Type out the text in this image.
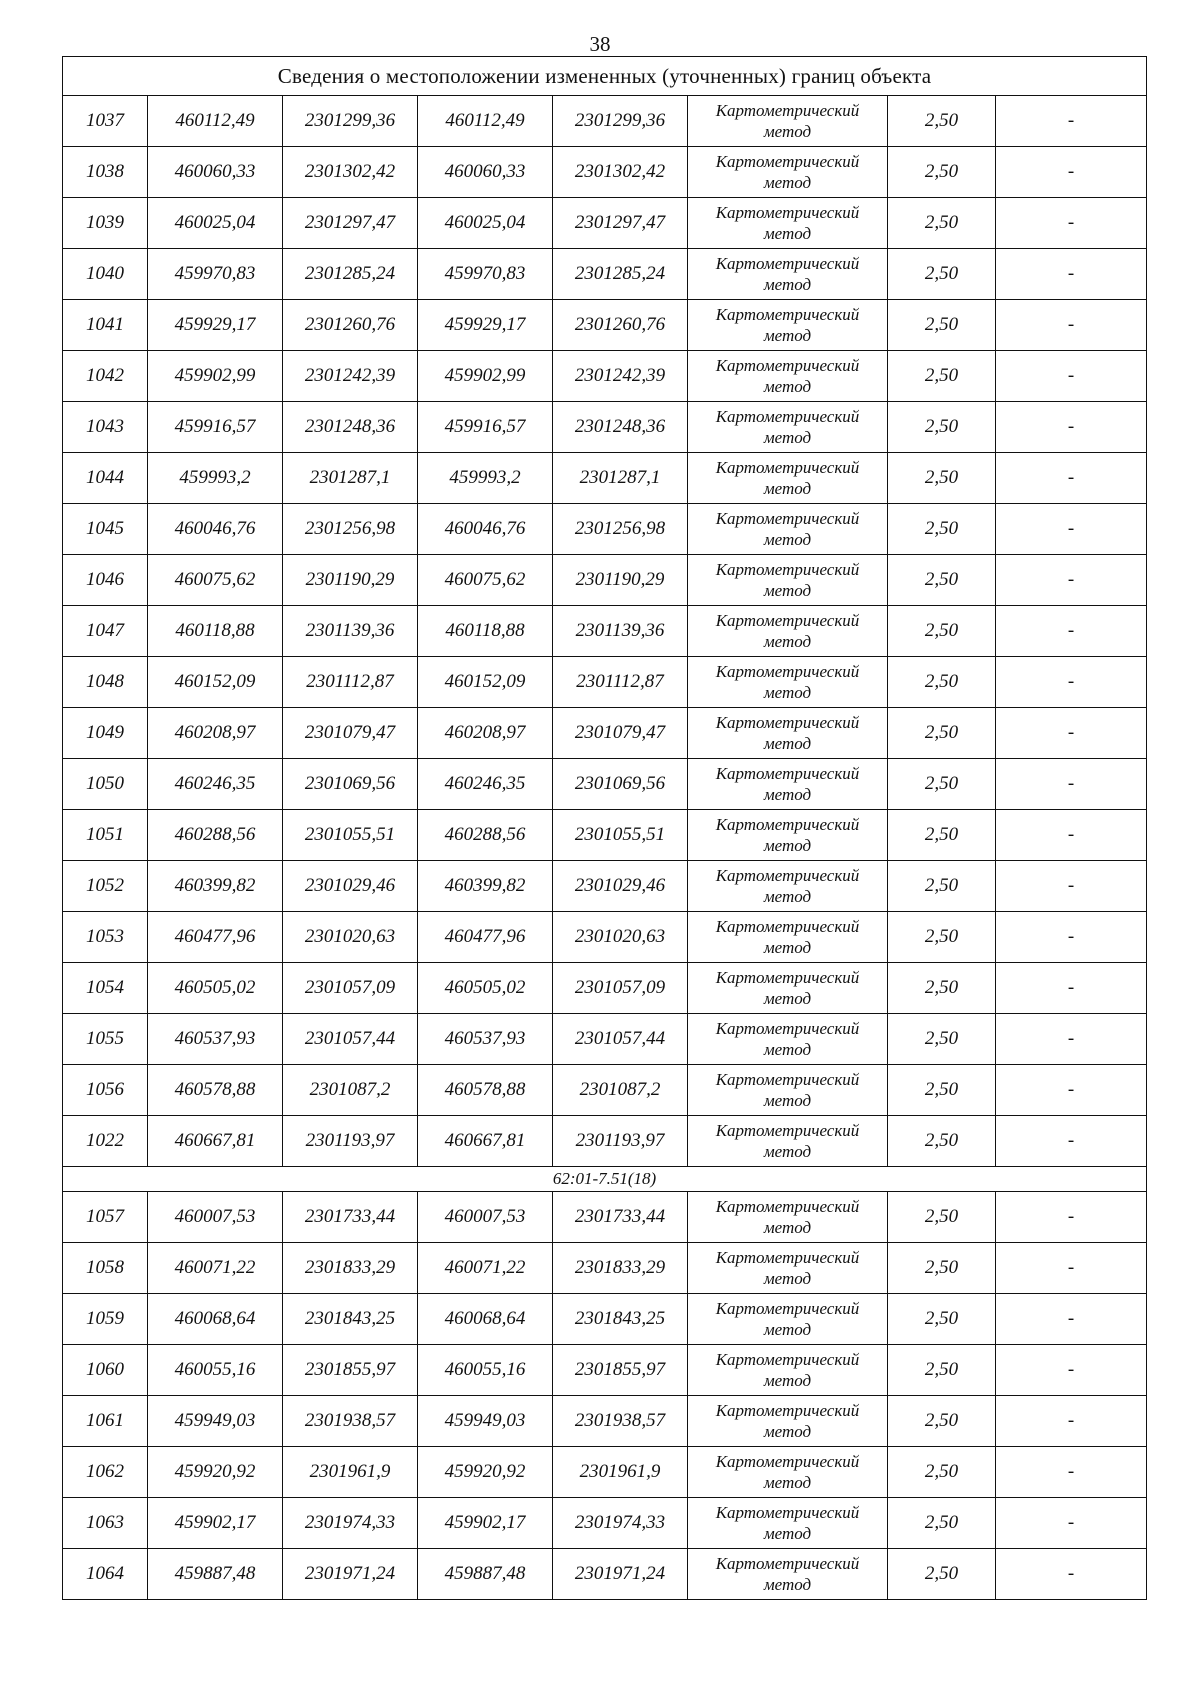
38
Сведения о местоположении измененных (уточненных) границ объекта							
1037	460112,49	2301299,36	460112,49	2301299,36	Картометрический
метод	2,50	-
1038	460060,33	2301302,42	460060,33	2301302,42	Картометрический
метод	2,50	-
1039	460025,04	2301297,47	460025,04	2301297,47	Картометрический
метод	2,50	-
1040	459970,83	2301285,24	459970,83	2301285,24	Картометрический
метод	2,50	-
1041	459929,17	2301260,76	459929,17	2301260,76	Картометрический
метод	2,50	-
1042	459902,99	2301242,39	459902,99	2301242,39	Картометрический
метод	2,50	-
1043	459916,57	2301248,36	459916,57	2301248,36	Картометрический
метод	2,50	-
1044	459993,2	2301287,1	459993,2	2301287,1	Картометрический
метод	2,50	-
1045	460046,76	2301256,98	460046,76	2301256,98	Картометрический
метод	2,50	-
1046	460075,62	2301190,29	460075,62	2301190,29	Картометрический
метод	2,50	-
1047	460118,88	2301139,36	460118,88	2301139,36	Картометрический
метод	2,50	-
1048	460152,09	2301112,87	460152,09	2301112,87	Картометрический
метод	2,50	-
1049	460208,97	2301079,47	460208,97	2301079,47	Картометрический
метод	2,50	-
1050	460246,35	2301069,56	460246,35	2301069,56	Картометрический
метод	2,50	-
1051	460288,56	2301055,51	460288,56	2301055,51	Картометрический
метод	2,50	-
1052	460399,82	2301029,46	460399,82	2301029,46	Картометрический
метод	2,50	-
1053	460477,96	2301020,63	460477,96	2301020,63	Картометрический
метод	2,50	-
1054	460505,02	2301057,09	460505,02	2301057,09	Картометрический
метод	2,50	-
1055	460537,93	2301057,44	460537,93	2301057,44	Картометрический
метод	2,50	-
1056	460578,88	2301087,2	460578,88	2301087,2	Картометрический
метод	2,50	-
1022	460667,81	2301193,97	460667,81	2301193,97	Картометрический
метод	2,50	-
62:01-7.51(18)							
1057	460007,53	2301733,44	460007,53	2301733,44	Картометрический
метод	2,50	-
1058	460071,22	2301833,29	460071,22	2301833,29	Картометрический
метод	2,50	-
1059	460068,64	2301843,25	460068,64	2301843,25	Картометрический
метод	2,50	-
1060	460055,16	2301855,97	460055,16	2301855,97	Картометрический
метод	2,50	-
1061	459949,03	2301938,57	459949,03	2301938,57	Картометрический
метод	2,50	-
1062	459920,92	2301961,9	459920,92	2301961,9	Картометрический
метод	2,50	-
1063	459902,17	2301974,33	459902,17	2301974,33	Картометрический
метод	2,50	-
1064	459887,48	2301971,24	459887,48	2301971,24	Картометрический
метод	2,50	-
